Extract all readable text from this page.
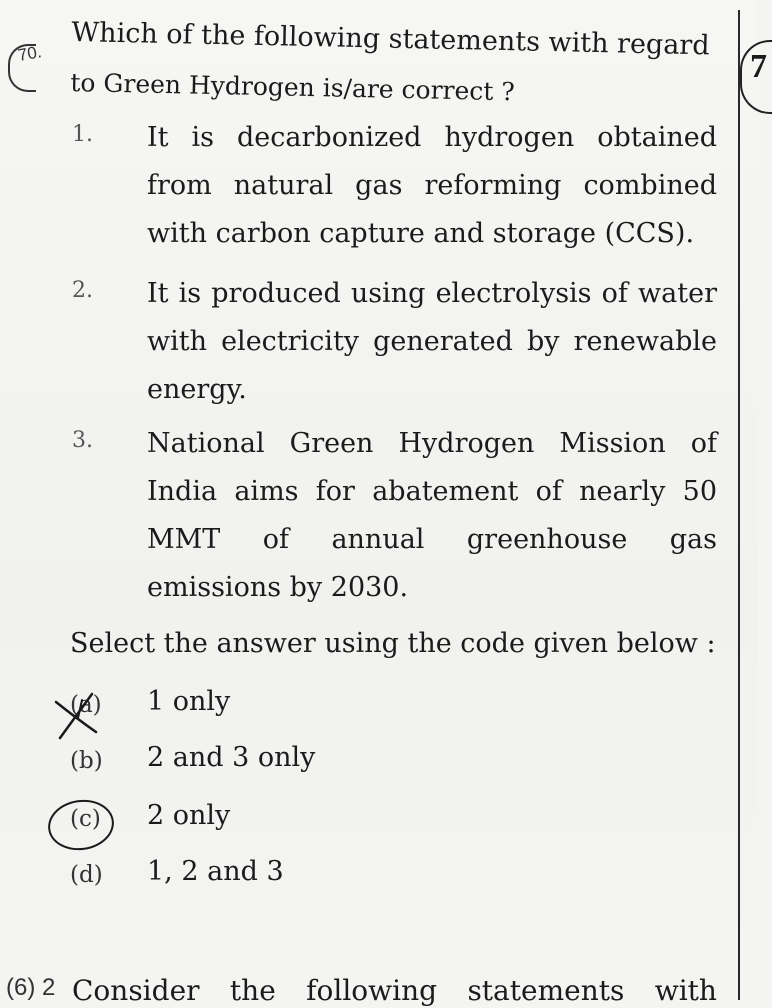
7
70. Which of the following statements with regard
to Green Hydrogen is/are correct ?
1. It is decarbonized hydrogen obtained from natural gas reforming combined with carbon capture and storage (CCS).
2. It is produced using electrolysis of water with electricity generated by renewable energy.
3. National Green Hydrogen Mission of India aims for abatement of nearly 50 MMT of annual greenhouse gas emissions by 2030.
Select the answer using the code given below :
(a) 1 only
(b) 2 and 3 only
(c) 2 only
(d) 1, 2 and 3
(6) 2 Consider the following statements with
